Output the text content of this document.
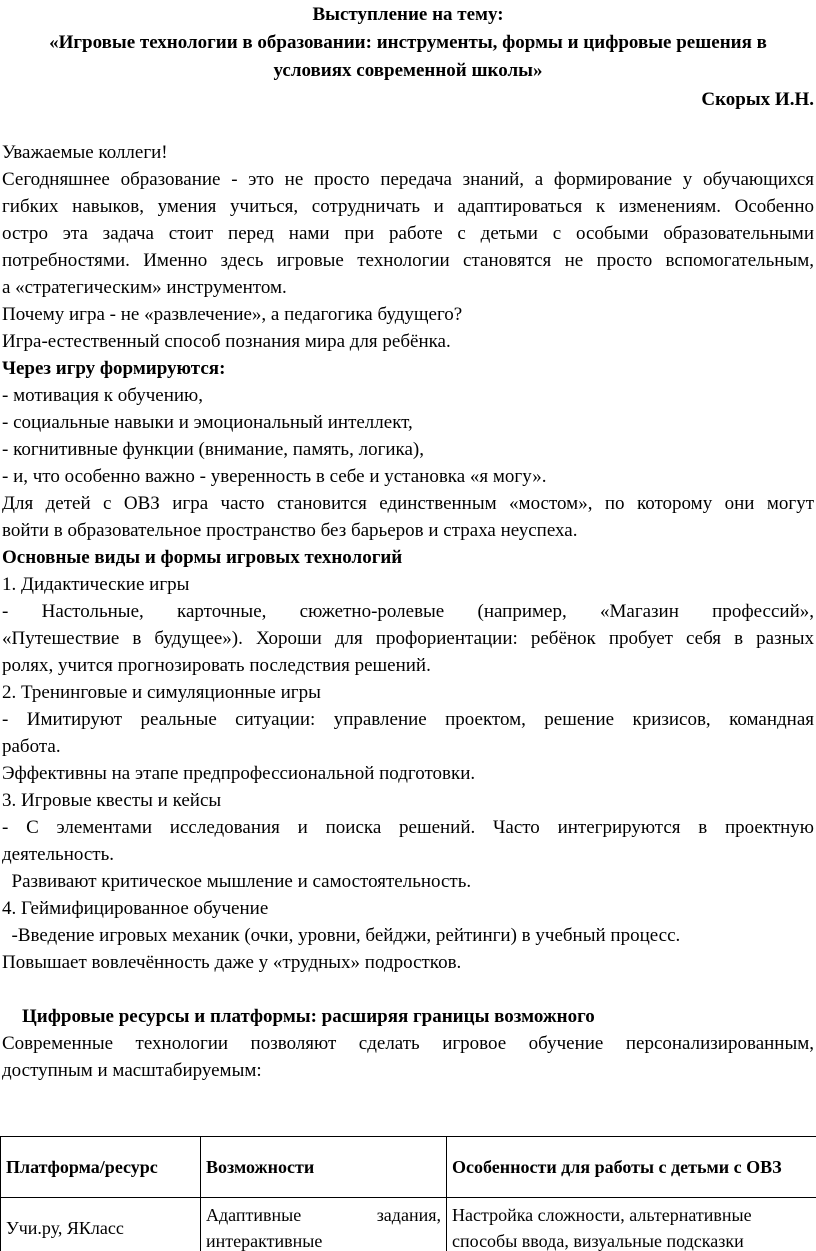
Выступление на тему:
«Игровые технологии в образовании: инструменты, формы и цифровые решения в
условиях современной школы»
Скорых И.Н.

Уважаемые коллеги!

Сегодняшнее образование - это не просто передача знаний, а формирование у обучающихся

гибких навыков, умения учиться, сотрудничать и адаптироваться к изменениям. Особенно

остро эта задача стоит перед нами при работе с детьми с особыми образовательными

потребностями. Именно здесь игровые технологии становятся не просто вспомогательным,

а «стратегическим» инструментом.

Почему игра - не «развлечение», а педагогика будущего?

Игра-естественный способ познания мира для ребёнка.

Через игру формируются:

- мотивация к обучению,

- социальные навыки и эмоциональный интеллект,

- когнитивные функции (внимание, память, логика),

- и, что особенно важно - уверенность в себе и установка «я могу».

Для детей с ОВЗ игра часто становится единственным «мостом», по которому они могут

войти в образовательное пространство без барьеров и страха неуспеха.

Основные виды и формы игровых технологий

1. Дидактические игры

- Настольные, карточные, сюжетно-ролевые (например, «Магазин профессий»,

«Путешествие в будущее»). Хороши для профориентации: ребёнок пробует себя в разных

ролях, учится прогнозировать последствия решений.

2. Тренинговые и симуляционные игры

- Имитируют реальные ситуации: управление проектом, решение кризисов, командная

работа.

Эффективны на этапе предпрофессиональной подготовки.

3. Игровые квесты и кейсы

- С элементами исследования и поиска решений. Часто интегрируются в проектную

деятельность.

Развивают критическое мышление и самостоятельность.

4. Геймифицированное обучение

-Введение игровых механик (очки, уровни, бейджи, рейтинги) в учебный процесс.

Повышает вовлечённость даже у «трудных» подростков.

Цифровые ресурсы и платформы: расширяя границы возможного

Современные технологии позволяют сделать игровое обучение персонализированным,

доступным и масштабируемым:

Платформа/ресурс	Возможности	Особенности для работы с детьми с ОВЗ
Учи.ру, ЯКласс	Адаптивные задания, интерактивные	Настройка сложности, альтернативные способы ввода, визуальные подсказки
